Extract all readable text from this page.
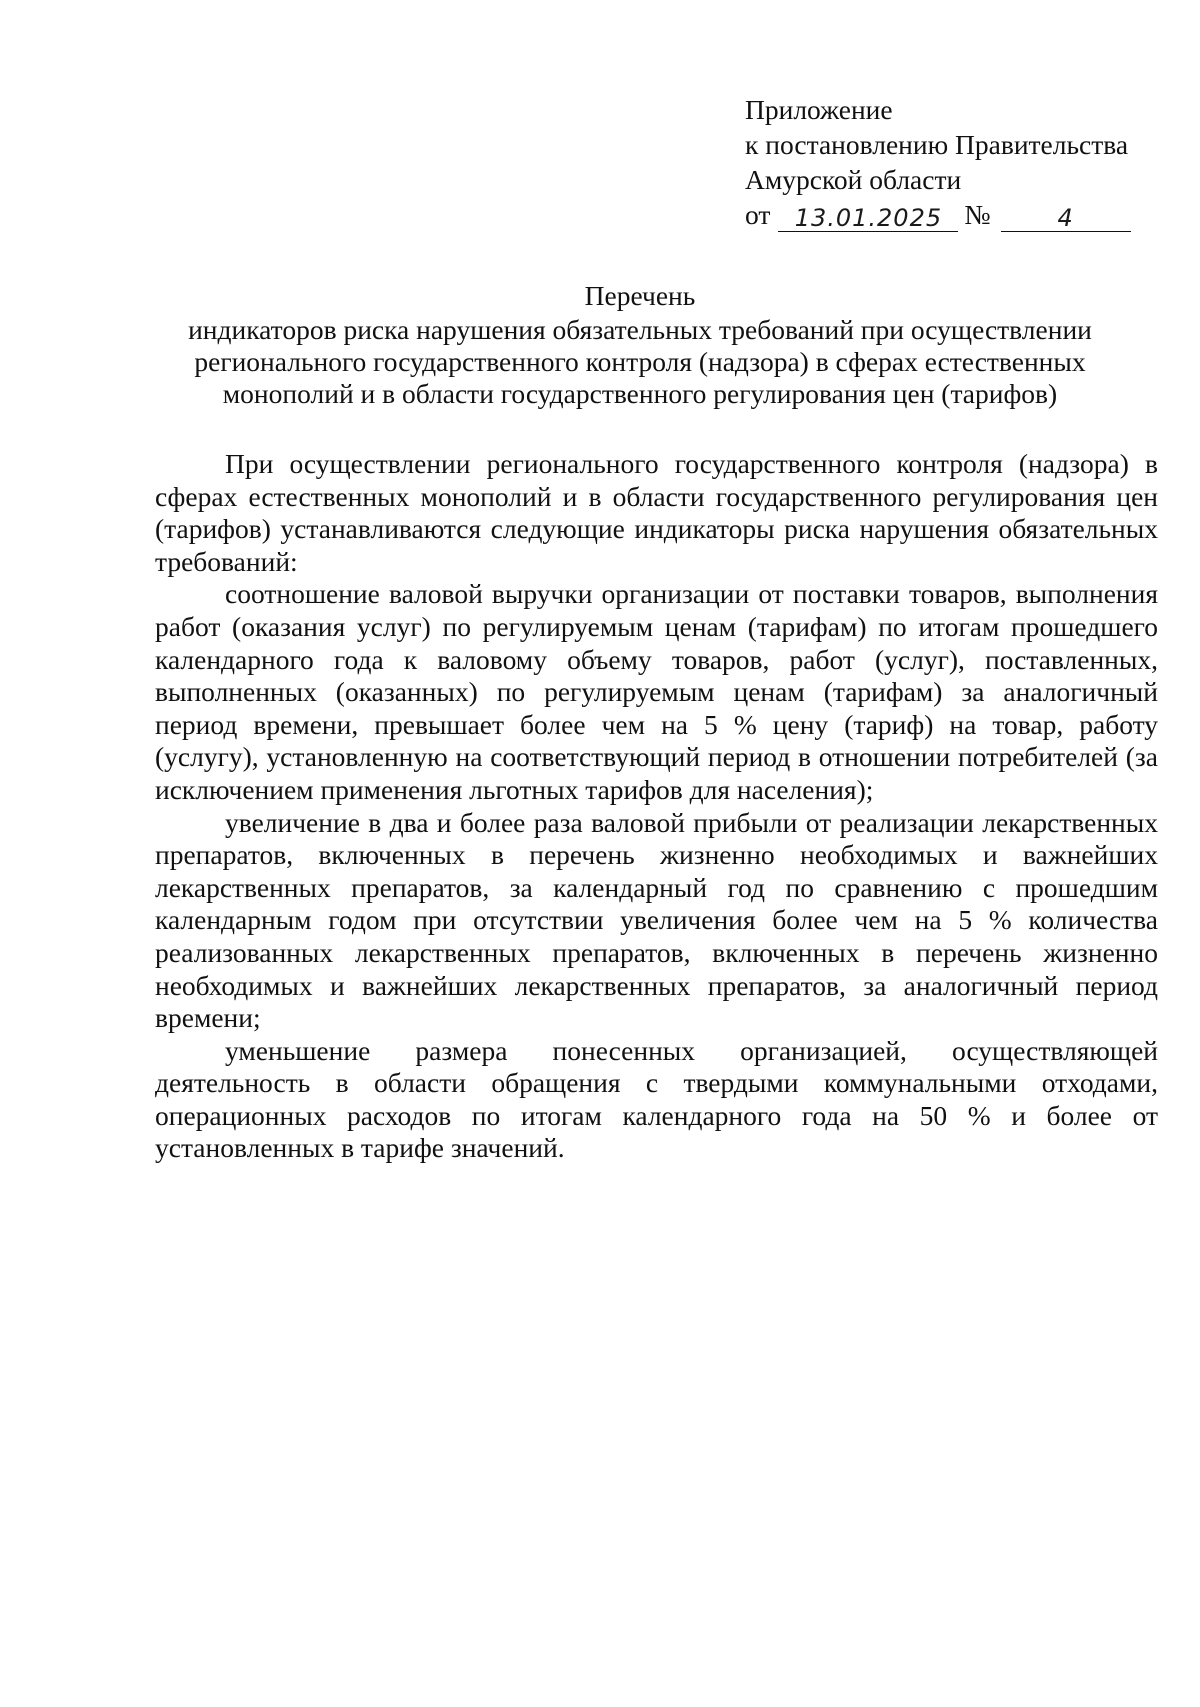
Приложение
к постановлению Правительства
Амурской области
от	13.01.2025 №	4
Перечень
индикаторов риска нарушения обязательных требований при осуществлении
регионального государственного контроля (надзора) в сферах естественных
монополий и в области государственного регулирования цен (тарифов)

При осуществлении регионального государственного контроля (надзора) в сферах естественных монополий и в области государственного регулирования цен (тарифов) устанавливаются следующие индикаторы риска нарушения обязательных требований:

соотношение валовой выручки организации от поставки товаров, выполнения работ (оказания услуг) по регулируемым ценам (тарифам) по итогам прошедшего календарного года к валовому объему товаров, работ (услуг), поставленных, выполненных (оказанных) по регулируемым ценам (тарифам) за аналогичный период времени, превышает более чем на 5 % цену (тариф) на товар, работу (услугу), установленную на соответствующий период в отношении потребителей (за исключением применения льготных тарифов для населения);

увеличение в два и более раза валовой прибыли от реализации лекарственных препаратов, включенных в перечень жизненно необходимых и важнейших лекарственных препаратов, за календарный год по сравнению с прошедшим календарным годом при отсутствии увеличения более чем на 5 % количества реализованных лекарственных препаратов, включенных в перечень жизненно необходимых и важнейших лекарственных препаратов, за аналогичный период времени;

уменьшение размера понесенных организацией, осуществляющей деятельность в области обращения с твердыми коммунальными отходами, операционных расходов по итогам календарного года на 50 % и более от установленных в тарифе значений.
